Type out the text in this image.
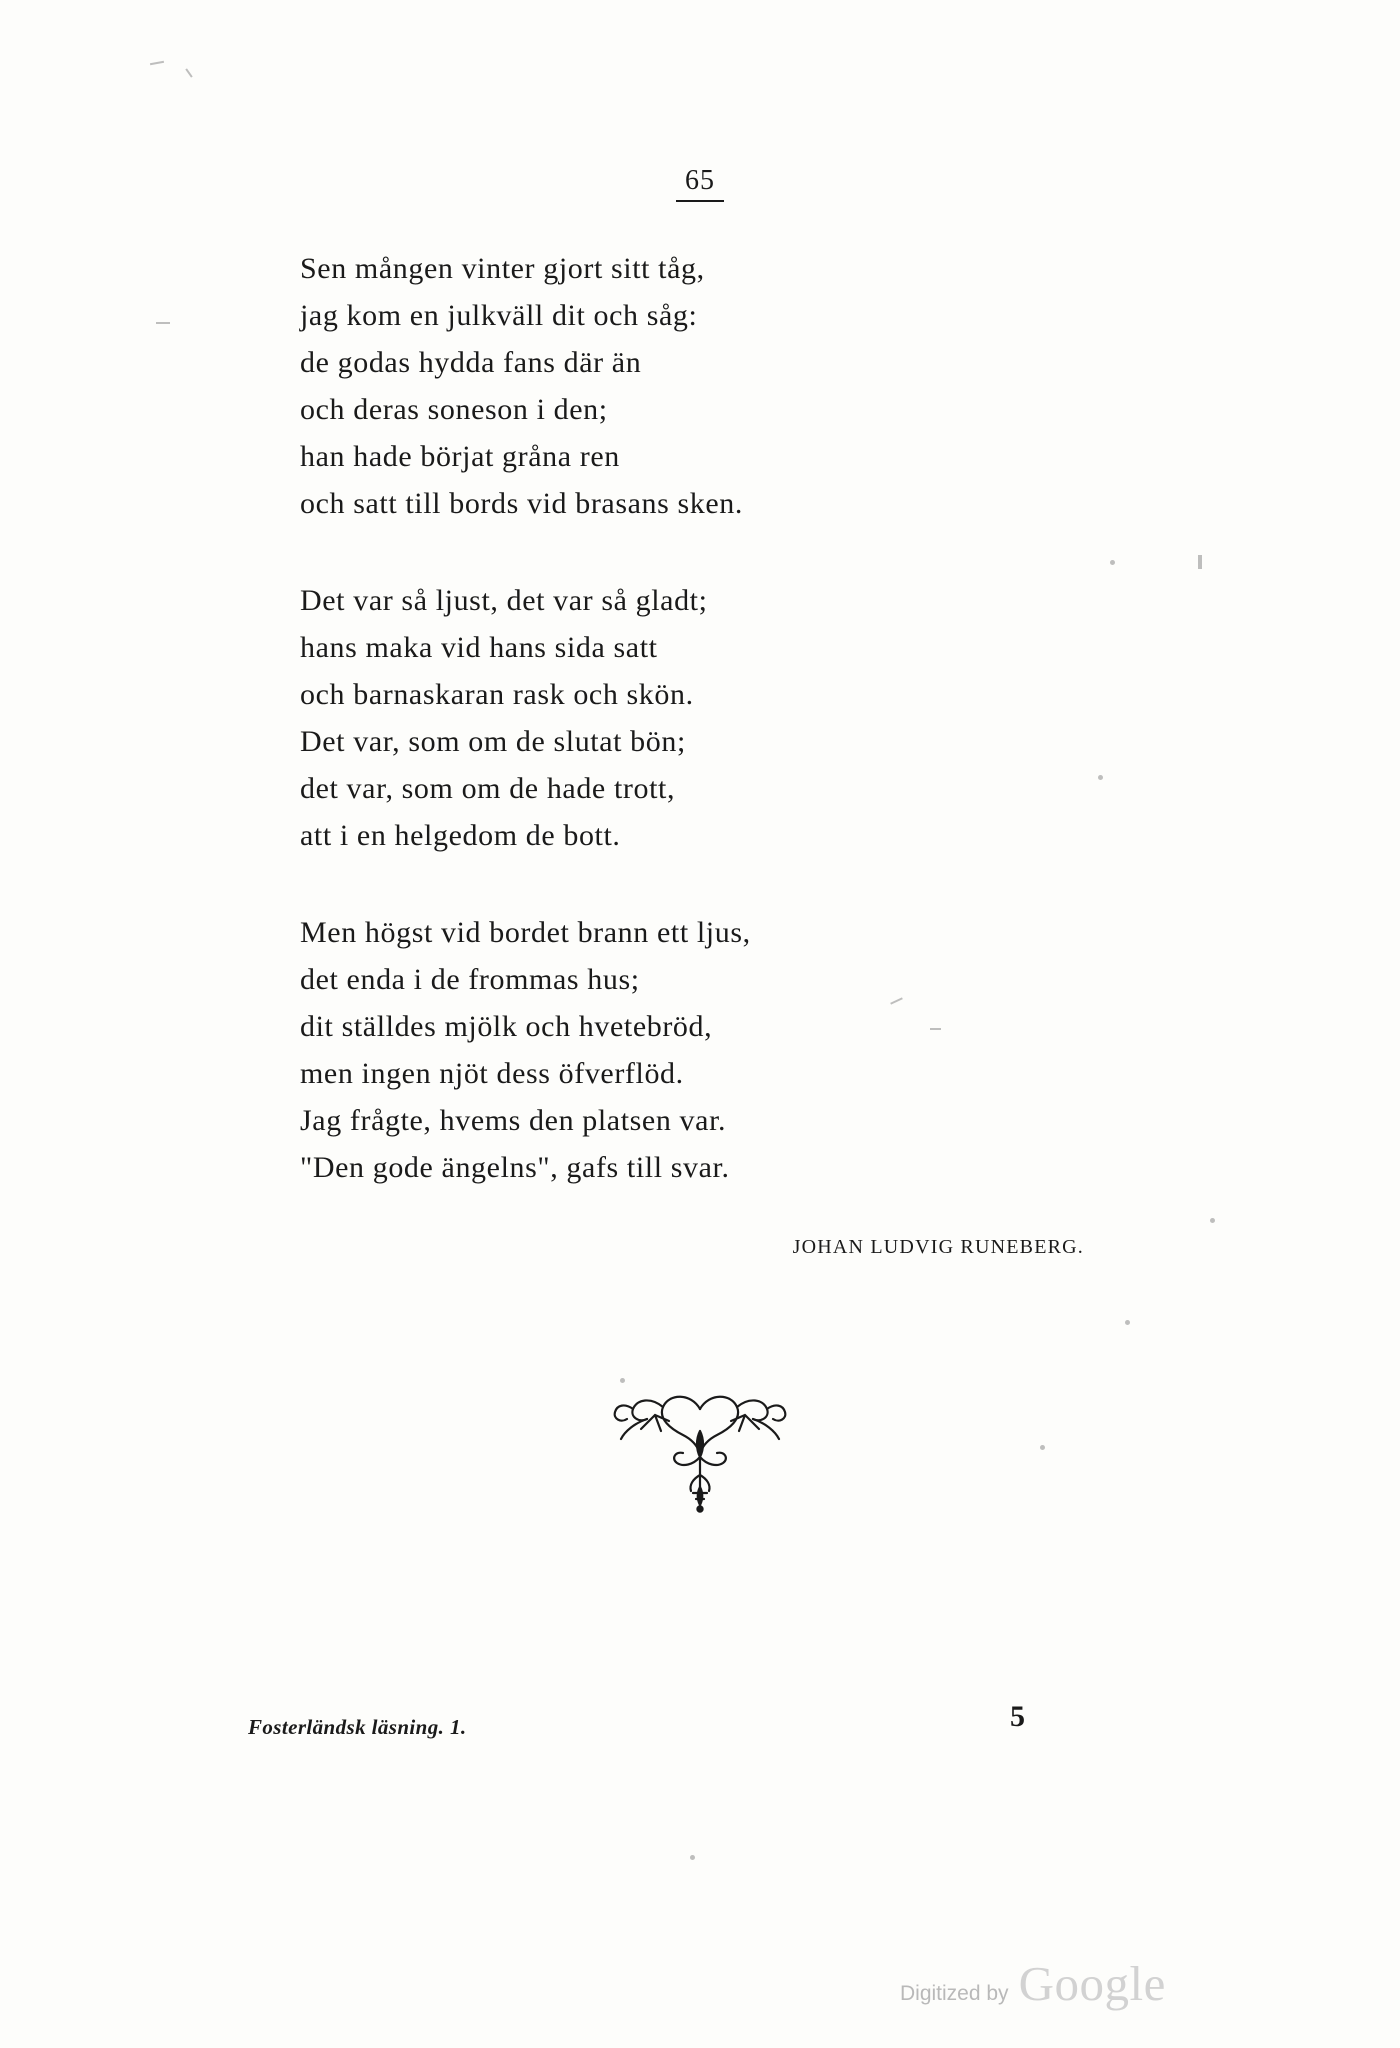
65
Sen mången vinter gjort sitt tåg,
jag kom en julkväll dit och såg:
de godas hydda fans där än
och deras soneson i den;
han hade börjat gråna ren
och satt till bords vid brasans sken.
Det var så ljust, det var så gladt;
hans maka vid hans sida satt
och barnaskaran rask och skön.
Det var, som om de slutat bön;
det var, som om de hade trott,
att i en helgedom de bott.
Men högst vid bordet brann ett ljus,
det enda i de frommas hus;
dit ställdes mjölk och hvetebröd,
men ingen njöt dess öfverflöd.
Jag frågte, hvems den platsen var.
"Den gode ängelns", gafs till svar.
JOHAN LUDVIG RUNEBERG.
Fosterländsk läsning. 1.	5
Digitized by Google
